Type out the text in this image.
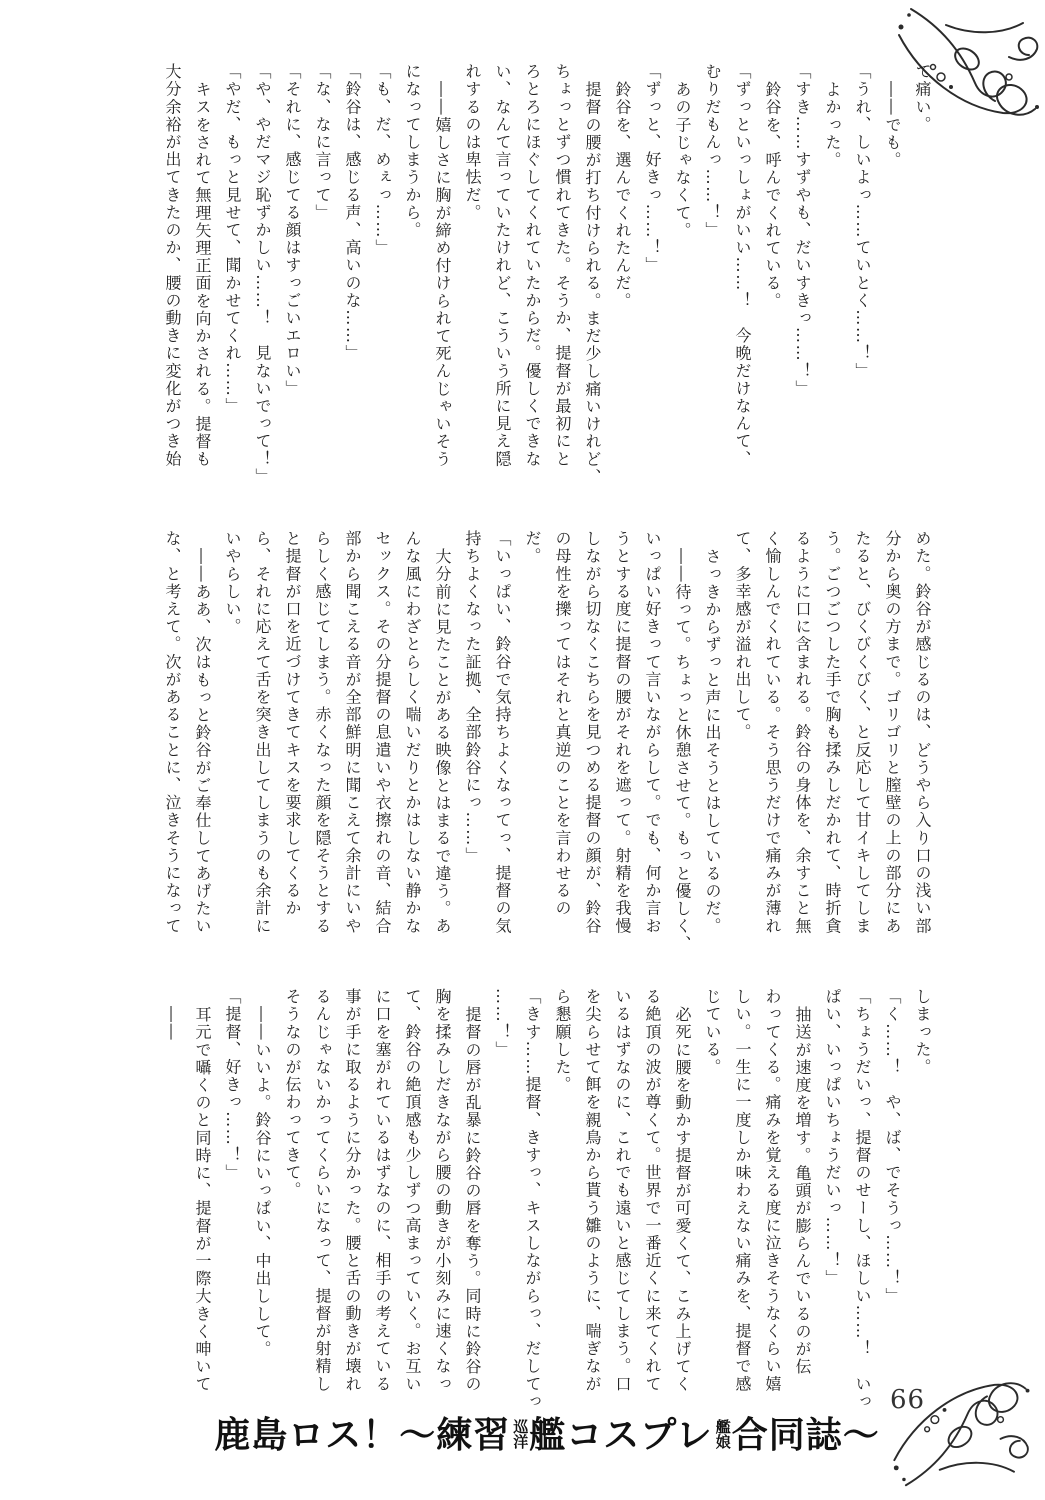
て痛い。

――でも。

「うれ、しいよっ……ていとく……！」

よかった。

「すき……すずやも、だいすきっ……！」

鈴谷を、呼んでくれている。

「ずっといっしょがいい……！　今晩だけなんて、

むりだもんっ……！」

あの子じゃなくて。

「ずっと、好きっ……！」

鈴谷を、選んでくれたんだ。

提督の腰が打ち付けられる。まだ少し痛いけれど、

ちょっとずつ慣れてきた。そうか、提督が最初にと

ろとろにほぐしてくれていたからだ。優しくできな

い、なんて言っていたけれど、こういう所に見え隠

れするのは卑怯だ。

――嬉しさに胸が締め付けられて死んじゃいそう

になってしまうから。

「も、だ、めぇっ……」

「鈴谷は、感じる声、高いのな……」

「な、なに言って」

「それに、感じてる顔はすっごいエロい」

「や、やだマジ恥ずかしい……！　見ないでって！」

「やだ、もっと見せて、聞かせてくれ……」

キスをされて無理矢理正面を向かされる。提督も

大分余裕が出てきたのか、腰の動きに変化がつき始

めた。鈴谷が感じるのは、どうやら入り口の浅い部

分から奥の方まで。ゴリゴリと膣壁の上の部分にあ

たると、びくびくびく、と反応して甘イキしてしま

う。ごつごつした手で胸も揉みしだかれて、時折貪

るように口に含まれる。鈴谷の身体を、余すこと無

く愉しんでくれている。そう思うだけで痛みが薄れ

て、多幸感が溢れ出して。

さっきからずっと声に出そうとはしているのだ。

――待って。ちょっと休憩させて。もっと優しく、

いっぱい好きって言いながらして。でも、何か言お

うとする度に提督の腰がそれを遮って。射精を我慢

しながら切なくこちらを見つめる提督の顔が、鈴谷

の母性を擽ってはそれと真逆のことを言わせるの

だ。

「いっぱい、鈴谷で気持ちよくなってっ、提督の気

持ちよくなった証拠、全部鈴谷にっ……」

大分前に見たことがある映像とはまるで違う。あ

んな風にわざとらしく喘いだりとかはしない静かな

セックス。その分提督の息遣いや衣擦れの音、結合

部から聞こえる音が全部鮮明に聞こえて余計にいや

らしく感じてしまう。赤くなった顔を隠そうとする

と提督が口を近づけてきてキスを要求してくるか

ら、それに応えて舌を突き出してしまうのも余計に

いやらしい。

――ああ、次はもっと鈴谷がご奉仕してあげたい

な、と考えて。次があることに、泣きそうになって

しまった。

「く……！　や、ば、でそうっ……！」

「ちょうだいっ、提督のせーし、ほしい……！　いっ

ぱい、いっぱいちょうだいっ……！」

抽送が速度を増す。亀頭が膨らんでいるのが伝

わってくる。痛みを覚える度に泣きそうなくらい嬉

しい。一生に一度しか味わえない痛みを、提督で感

じている。

必死に腰を動かす提督が可愛くて、こみ上げてく

る絶頂の波が尊くて。世界で一番近くに来てくれて

いるはずなのに、これでも遠いと感じてしまう。口

を尖らせて餌を親鳥から貰う雛のように、喘ぎなが

ら懇願した。

「きす……提督、きすっ、キスしながらっ、だしてっ

……！」

提督の唇が乱暴に鈴谷の唇を奪う。同時に鈴谷の

胸を揉みしだきながら腰の動きが小刻みに速くなっ

て、鈴谷の絶頂感も少しずつ高まっていく。お互い

に口を塞がれているはずなのに、相手の考えている

事が手に取るように分かった。腰と舌の動きが壊れ

るんじゃないかってくらいになって、提督が射精し

そうなのが伝わってきて。

――いいよ。鈴谷にいっぱい、中出しして。

「提督、好きっ……！」

耳元で囁くのと同時に、提督が一際大きく呻いて

――

66
鹿島ロス！～練習巡洋艦コスプレ艦娘合同誌～
